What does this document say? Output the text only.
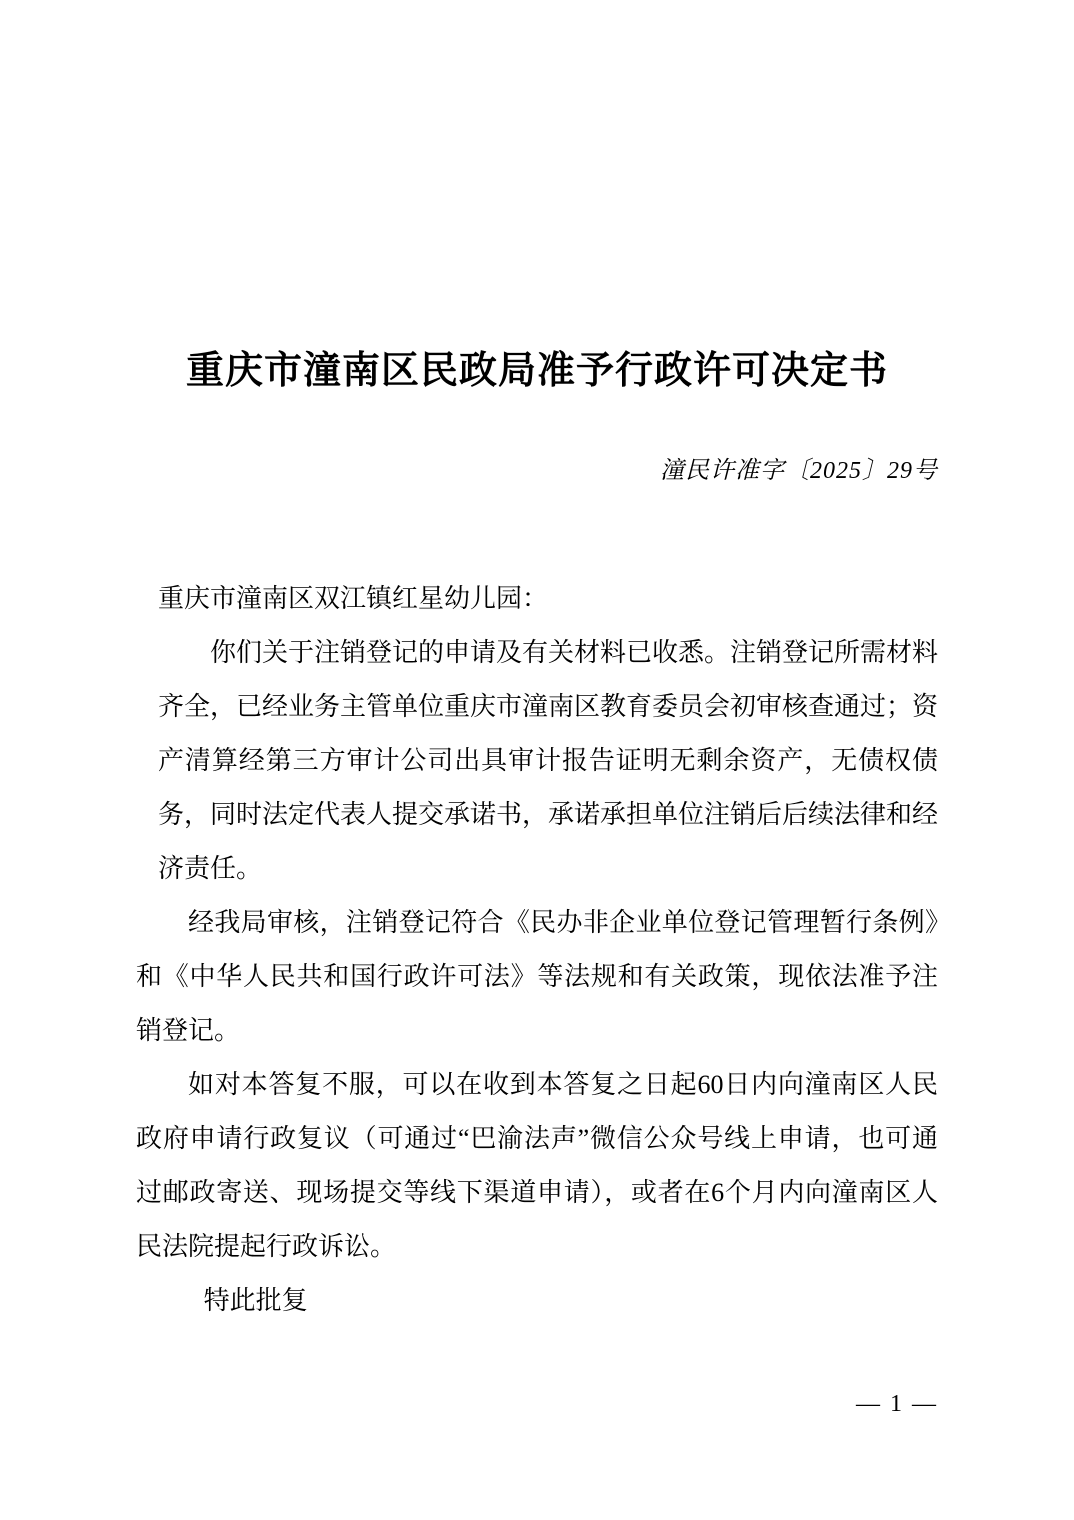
重庆市潼南区民政局准予行政许可决定书
潼民许准字〔2025〕29号

重庆市潼南区双江镇红星幼儿园：

你们关于注销登记的申请及有关材料已收悉。注销登记所需材料齐全，已经业务主管单位重庆市潼南区教育委员会初审核查通过；资产清算经第三方审计公司出具审计报告证明无剩余资产，无债权债务，同时法定代表人提交承诺书，承诺承担单位注销后后续法律和经济责任。

经我局审核，注销登记符合《民办非企业单位登记管理暂行条例》和《中华人民共和国行政许可法》等法规和有关政策，现依法准予注销登记。

如对本答复不服，可以在收到本答复之日起60日内向潼南区人民政府申请行政复议（可通过“巴渝法声”微信公众号线上申请，也可通过邮政寄送、现场提交等线下渠道申请），或者在6个月内向潼南区人民法院提起行政诉讼。

特此批复

— 1 —
